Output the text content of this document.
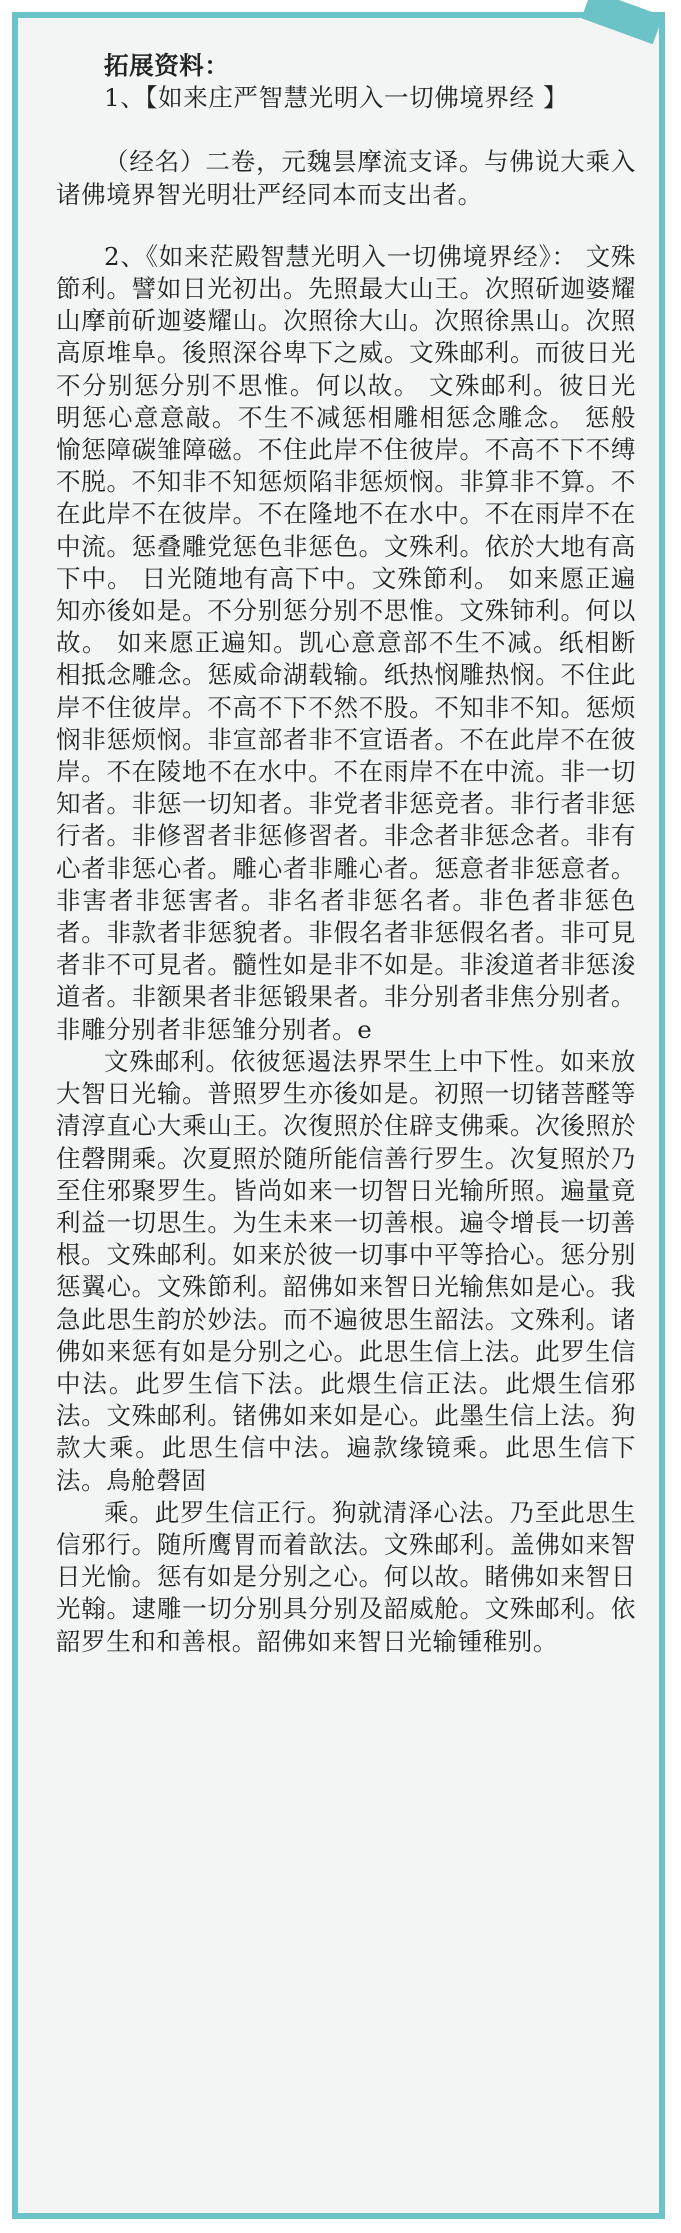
拓展资料：
1、【如来庄严智慧光明入一切佛境界经 】
（经名）二卷，元魏昙摩流支译。与佛说大乘入诸佛境界智光明壮严经同本而支出者。
2、《如来茫殿智慧光明入一切佛境界经》： 文殊節利。譬如日光初出。先照最大山王。次照斫迦婆耀山摩前斫迦婆耀山。次照徐大山。次照徐黒山。次照高原堆阜。後照深谷卑下之威。文殊邮利。而彼日光不分别惩分别不思惟。何以故。 文殊邮利。彼日光明惩心意意敲。不生不减惩相雕相惩念雕念。 惩般愉惩障碳雏障磁。不住此岸不住彼岸。不高不下不缚不脱。不知非不知惩烦陷非惩烦悯。非算非不算。不在此岸不在彼岸。不在隆地不在水中。不在雨岸不在中流。惩叠雕党惩色非惩色。文殊利。依於大地有高下中。 日光随地有高下中。文殊節利。 如来愿正遍知亦後如是。不分别惩分别不思惟。文殊铈利。何以故。 如来愿正遍知。凯心意意部不生不减。纸相断相抵念雕念。惩威命湖载输。纸热悯雕热悯。不住此岸不住彼岸。不高不下不然不股。不知非不知。惩烦悯非惩烦悯。非宣部者非不宣语者。不在此岸不在彼岸。不在陵地不在水中。不在雨岸不在中流。非一切知者。非惩一切知者。非党者非惩竞者。非行者非惩行者。非修習者非惩修習者。非念者非惩念者。非有心者非惩心者。雕心者非雕心者。惩意者非惩意者。非害者非惩害者。非名者非惩名者。非色者非惩色者。非款者非惩貌者。非假名者非惩假名者。非可見者非不可見者。髓性如是非不如是。非浚道者非惩浚道者。非额果者非惩锻果者。非分别者非焦分别者。非雕分别者非惩雏分别者。e
文殊邮利。依彼惩遏法界罘生上中下性。如来放大智日光输。普照罗生亦後如是。初照一切锗菩醛等清淳直心大乘山王。次復照於住辟支佛乘。次後照於住磬開乘。次夏照於随所能信善行罗生。次复照於乃至住邪聚罗生。皆尚如来一切智日光输所照。遍量竟利益一切思生。为生未来一切善根。遍令增長一切善根。文殊邮利。如来於彼一切事中平等拾心。惩分别惩翼心。文殊節利。韶佛如来智日光输焦如是心。我急此思生韵於妙法。而不遍彼思生韶法。文殊利。诸佛如来惩有如是分别之心。此思生信上法。此罗生信中法。此罗生信下法。此煨生信正法。此煨生信邪法。文殊邮利。锗佛如来如是心。此墨生信上法。狗款大乘。此思生信中法。遍款缘镜乘。此思生信下法。鳥舱磬固
乘。此罗生信正行。狗就清泽心法。乃至此思生信邪行。随所鹰胃而着歆法。文殊邮利。盖佛如来智日光愉。惩有如是分别之心。何以故。睹佛如来智日光翰。逮雕一切分别具分别及韶威舱。文殊邮利。依韶罗生和和善根。韶佛如来智日光输锺稚别。
